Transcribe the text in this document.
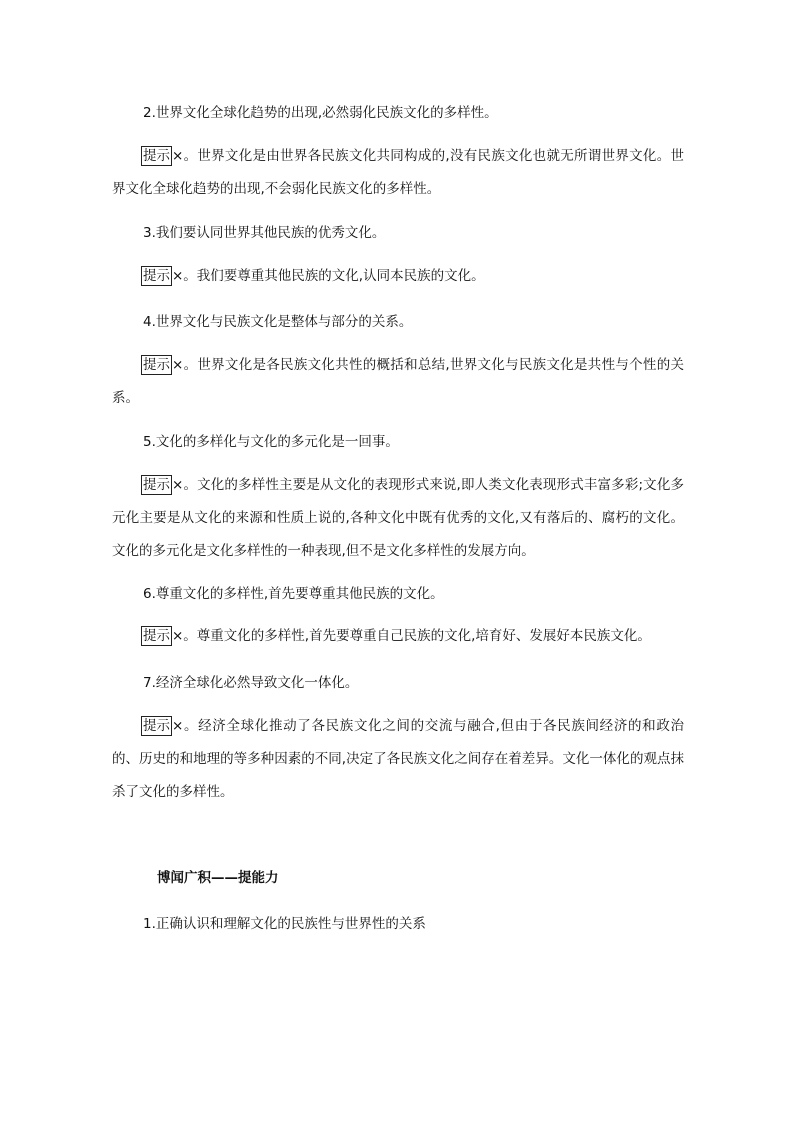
2.世界文化全球化趋势的出现,必然弱化民族文化的多样性。
提示 ×。世界文化是由世界各民族文化共同构成的,没有民族文化也就无所谓世界文化。世界文化全球化趋势的出现,不会弱化民族文化的多样性。
3.我们要认同世界其他民族的优秀文化。
提示 ×。我们要尊重其他民族的文化,认同本民族的文化。
4.世界文化与民族文化是整体与部分的关系。
提示 ×。世界文化是各民族文化共性的概括和总结,世界文化与民族文化是共性与个性的关系。
5.文化的多样化与文化的多元化是一回事。
提示 ×。文化的多样性主要是从文化的表现形式来说,即人类文化表现形式丰富多彩;文化多元化主要是从文化的来源和性质上说的,各种文化中既有优秀的文化,又有落后的、腐朽的文化。文化的多元化是文化多样性的一种表现,但不是文化多样性的发展方向。
6.尊重文化的多样性,首先要尊重其他民族的文化。
提示 ×。尊重文化的多样性,首先要尊重自己民族的文化,培育好、发展好本民族文化。
7.经济全球化必然导致文化一体化。
提示 ×。经济全球化推动了各民族文化之间的交流与融合,但由于各民族间经济的和政治的、历史的和地理的等多种因素的不同,决定了各民族文化之间存在着差异。文化一体化的观点抹杀了文化的多样性。
博闻广积——提能力
1.正确认识和理解文化的民族性与世界性的关系
